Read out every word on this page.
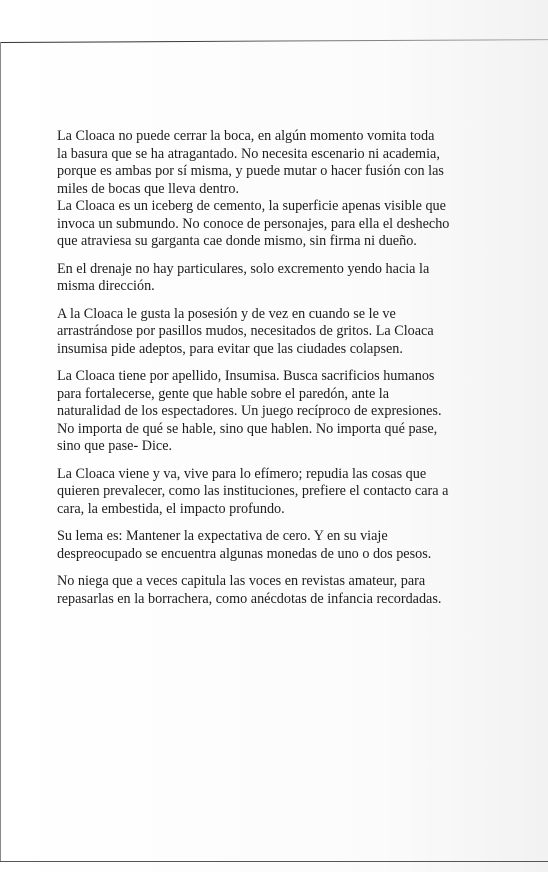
La Cloaca no puede cerrar la boca, en algún momento vomita toda
la basura que se ha atragantado. No necesita escenario ni academia,
porque es ambas por sí misma, y puede mutar o hacer fusión con las
miles de bocas que lleva dentro.
La Cloaca es un iceberg de cemento, la superficie apenas visible que
invoca un submundo. No conoce de personajes, para ella el deshecho
que atraviesa su garganta cae donde mismo, sin firma ni dueño.
En el drenaje no hay particulares, solo excremento yendo hacia la
misma dirección.
A la Cloaca le gusta la posesión y de vez en cuando se le ve
arrastrándose por pasillos mudos, necesitados de gritos. La Cloaca
insumisa pide adeptos, para evitar que las ciudades colapsen.
La Cloaca tiene por apellido, Insumisa. Busca sacrificios humanos
para fortalecerse, gente que hable sobre el paredón, ante la
naturalidad de los espectadores. Un juego recíproco de expresiones.
No importa de qué se hable, sino que hablen. No importa qué pase,
sino que pase- Dice.
La Cloaca viene y va, vive para lo efímero; repudia las cosas que
quieren prevalecer, como las instituciones, prefiere el contacto cara a
cara, la embestida, el impacto profundo.
Su lema es: Mantener la expectativa de cero. Y en su viaje
despreocupado se encuentra algunas monedas de uno o dos pesos.
No niega que a veces capitula las voces en revistas amateur, para
repasarlas en la borrachera, como anécdotas de infancia recordadas.
